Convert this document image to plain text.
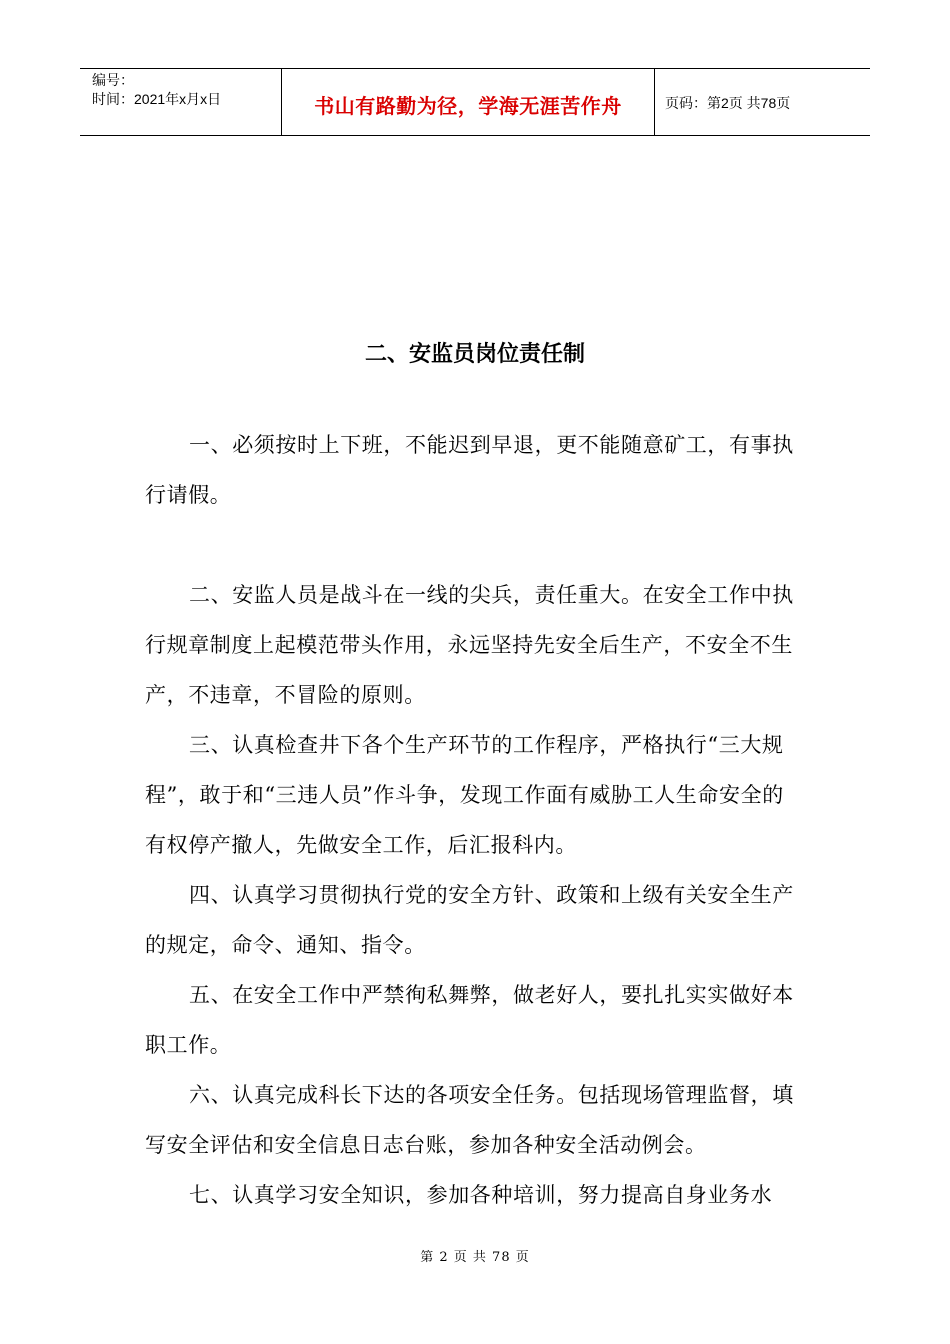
编号：
时间：2021年x月x日	书山有路勤为径，学海无涯苦作舟	页码：第2页 共78页
二、安监员岗位责任制

一、必须按时上下班，不能迟到早退，更不能随意矿工，有事执行请假。

二、安监人员是战斗在一线的尖兵，责任重大。在安全工作中执行规章制度上起模范带头作用，永远坚持先安全后生产，不安全不生产，不违章，不冒险的原则。

三、认真检查井下各个生产环节的工作程序，严格执行“三大规程”，敢于和“三违人员”作斗争，发现工作面有威胁工人生命安全的有权停产撤人，先做安全工作，后汇报科内。

四、认真学习贯彻执行党的安全方针、政策和上级有关安全生产的规定，命令、通知、指令。

五、在安全工作中严禁徇私舞弊，做老好人，要扎扎实实做好本职工作。

六、认真完成科长下达的各项安全任务。包括现场管理监督，填写安全评估和安全信息日志台账，参加各种安全活动例会。

七、认真学习安全知识，参加各种培训，努力提高自身业务水

第 2 页 共 78 页
